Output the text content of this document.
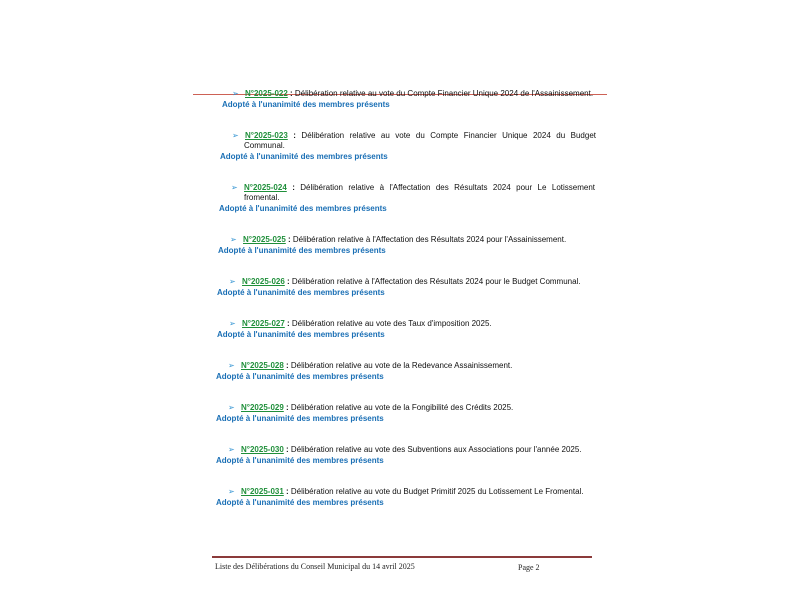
➢ N°2025-022 : Délibération relative au vote du Compte Financier Unique 2024 de l'Assainissement.
Adopté à l'unanimité des membres présents
➢ N°2025-023 : Délibération relative au vote du Compte Financier Unique 2024 du Budget
Communal.
Adopté à l'unanimité des membres présents
➢ N°2025-024 : Délibération relative à l'Affectation des Résultats 2024 pour Le Lotissement
fromental.
Adopté à l'unanimité des membres présents
➢ N°2025-025 : Délibération relative à l'Affectation des Résultats 2024 pour l'Assainissement.
Adopté à l'unanimité des membres présents
➢ N°2025-026 : Délibération relative à l'Affectation des Résultats 2024 pour le Budget Communal.
Adopté à l'unanimité des membres présents
➢ N°2025-027 : Délibération relative au vote des Taux d'imposition 2025.
Adopté à l'unanimité des membres présents
➢ N°2025-028 : Délibération relative au vote de la Redevance Assainissement.
Adopté à l'unanimité des membres présents
➢ N°2025-029 : Délibération relative au vote de la Fongibilité des Crédits 2025.
Adopté à l'unanimité des membres présents
➢ N°2025-030 : Délibération relative au vote des Subventions aux Associations pour l'année 2025.
Adopté à l'unanimité des membres présents
➢ N°2025-031 : Délibération relative au vote du Budget Primitif 2025 du Lotissement Le Fromental.
Adopté à l'unanimité des membres présents
Liste des Délibérations du Conseil Municipal du 14 avril 2025	Page 2
